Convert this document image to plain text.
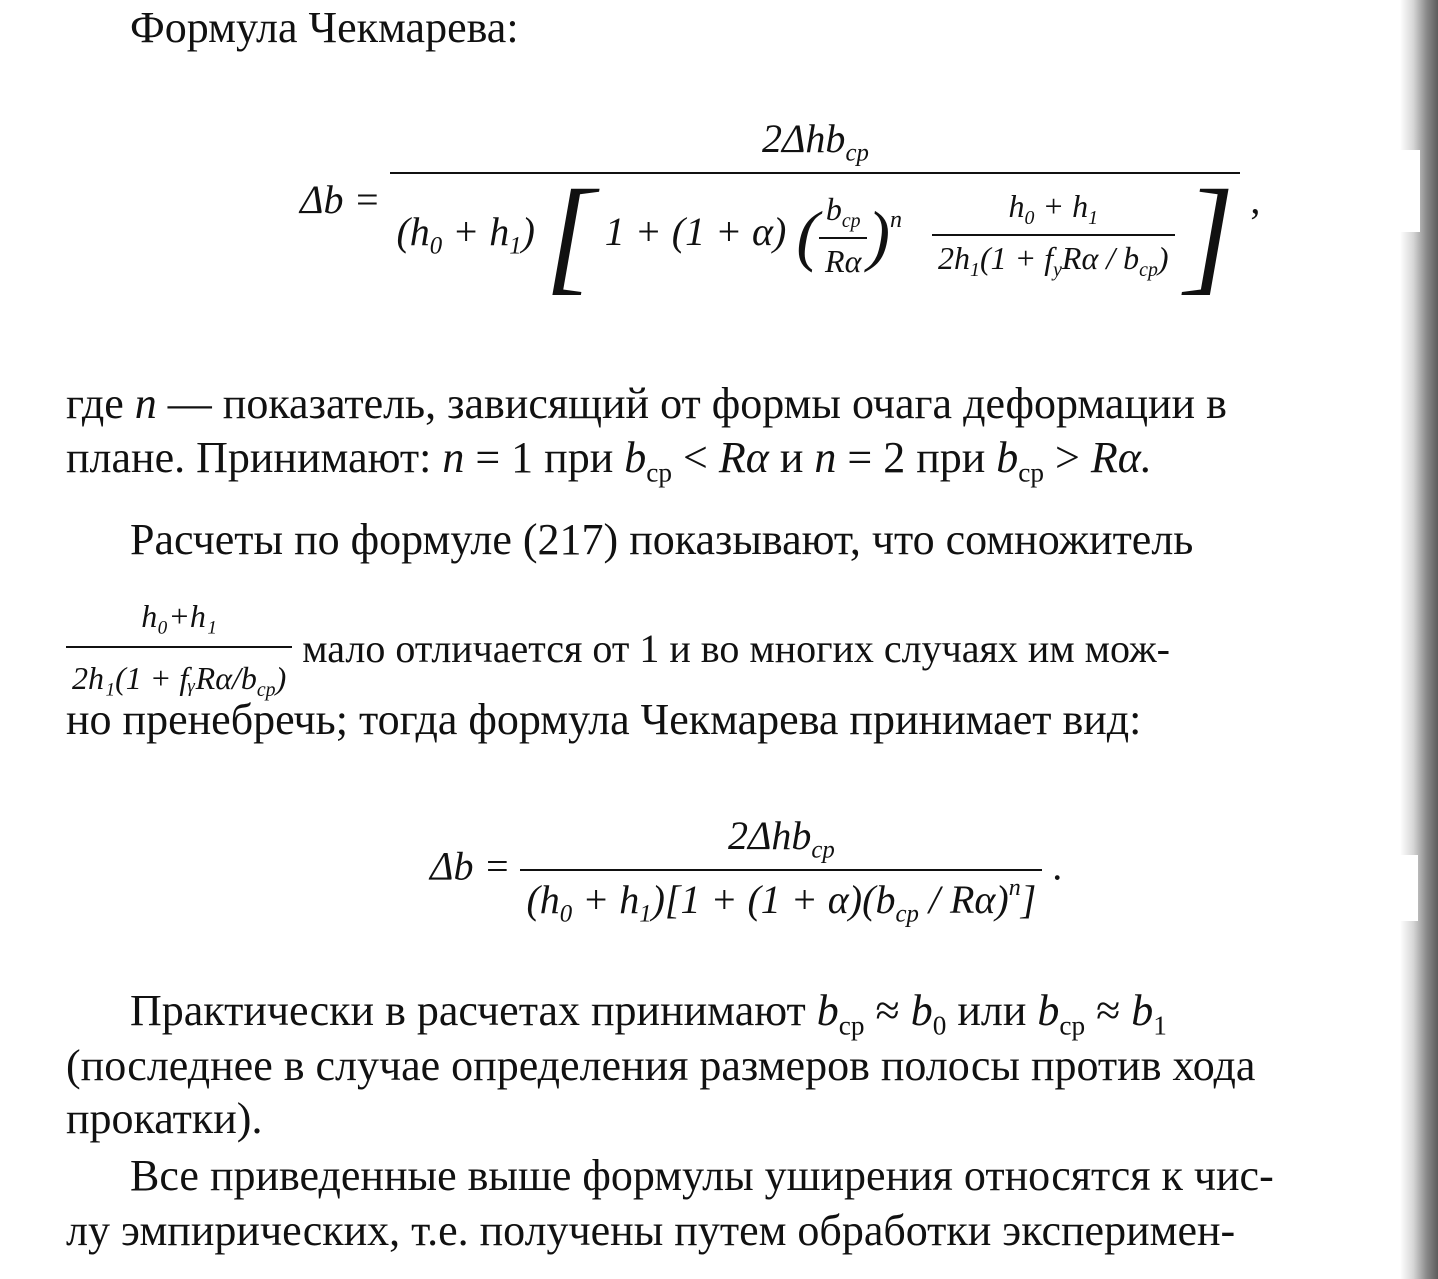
Формула Чекмарева:
Δb =
2Δhb$_{ср}$
$(h_0 + h_1)$ [ 1 + (1 + α) ( $\frac{b_{ср}}{R\alpha} )^n \frac{h_0 + h_1}{2h_1(1 + f_yR\alpha / b_{ср})}$ ] ,
где n — показатель, зависящий от формы очага деформации в
плане. Принимают: n = 1 при $b_{ср} < R\alpha$ и n = 2 при $b_{ср} > R\alpha$.
Расчеты по формуле (217) показывают, что сомножитель
$\frac{\text{h₀+h₁}}{2h_1(1 + fᵧR\alpha/b_{ср})}$ мало отличается от 1 и во многих случаях им мож-
но пренебречь; тогда формула Чекмарева принимает вид:
$\Delta b = \frac{2\Delta hb_{ср}}{(h_0 + h_1)[1 + (1 + \alpha)(b_{ср} / R\alpha)^n]}$ .
Практически в расчетах принимают $b_{ср} \approx b_0$ или $b_{ср} \approx b_1$
(последнее в случае определения размеров полосы против хода
прокатки).
Все приведенные выше формулы уширения относятся к чис-
лу эмпирических, т.е. получены путем обработки эксперимен-
